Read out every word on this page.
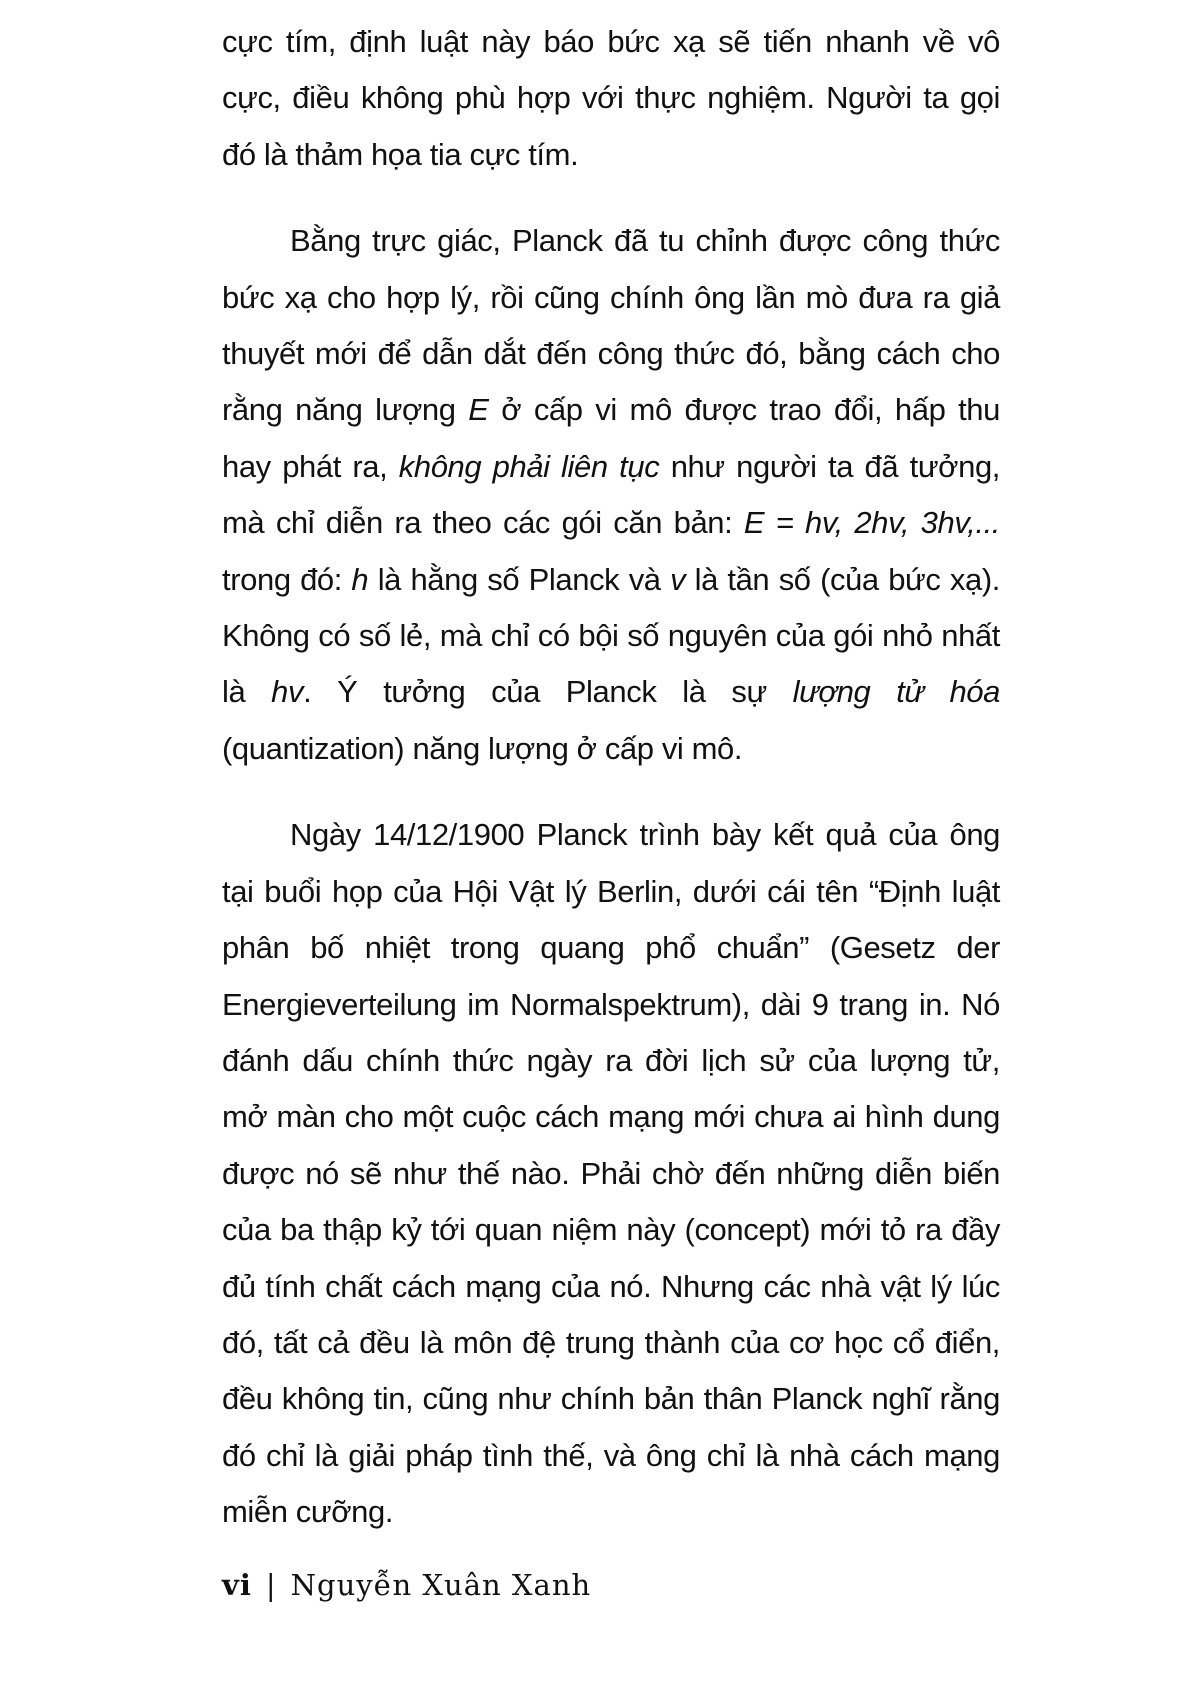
cực tím, định luật này báo bức xạ sẽ tiến nhanh về vô cực, điều không phù hợp với thực nghiệm. Người ta gọi đó là thảm họa tia cực tím.

Bằng trực giác, Planck đã tu chỉnh được công thức bức xạ cho hợp lý, rồi cũng chính ông lần mò đưa ra giả thuyết mới để dẫn dắt đến công thức đó, bằng cách cho rằng năng lượng E ở cấp vi mô được trao đổi, hấp thu hay phát ra, không phải liên tục như người ta đã tưởng, mà chỉ diễn ra theo các gói căn bản: E = hv, 2hv, 3hv,... trong đó: h là hằng số Planck và v là tần số (của bức xạ). Không có số lẻ, mà chỉ có bội số nguyên của gói nhỏ nhất là hv. Ý tưởng của Planck là sự lượng tử hóa (quantization) năng lượng ở cấp vi mô.

Ngày 14/12/1900 Planck trình bày kết quả của ông tại buổi họp của Hội Vật lý Berlin, dưới cái tên “Định luật phân bố nhiệt trong quang phổ chuẩn” (Gesetz der Energieverteilung im Normalspektrum), dài 9 trang in. Nó đánh dấu chính thức ngày ra đời lịch sử của lượng tử, mở màn cho một cuộc cách mạng mới chưa ai hình dung được nó sẽ như thế nào. Phải chờ đến những diễn biến của ba thập kỷ tới quan niệm này (concept) mới tỏ ra đầy đủ tính chất cách mạng của nó. Nhưng các nhà vật lý lúc đó, tất cả đều là môn đệ trung thành của cơ học cổ điển, đều không tin, cũng như chính bản thân Planck nghĩ rằng đó chỉ là giải pháp tình thế, và ông chỉ là nhà cách mạng miễn cưỡng.

vi | Nguyễn Xuân Xanh
